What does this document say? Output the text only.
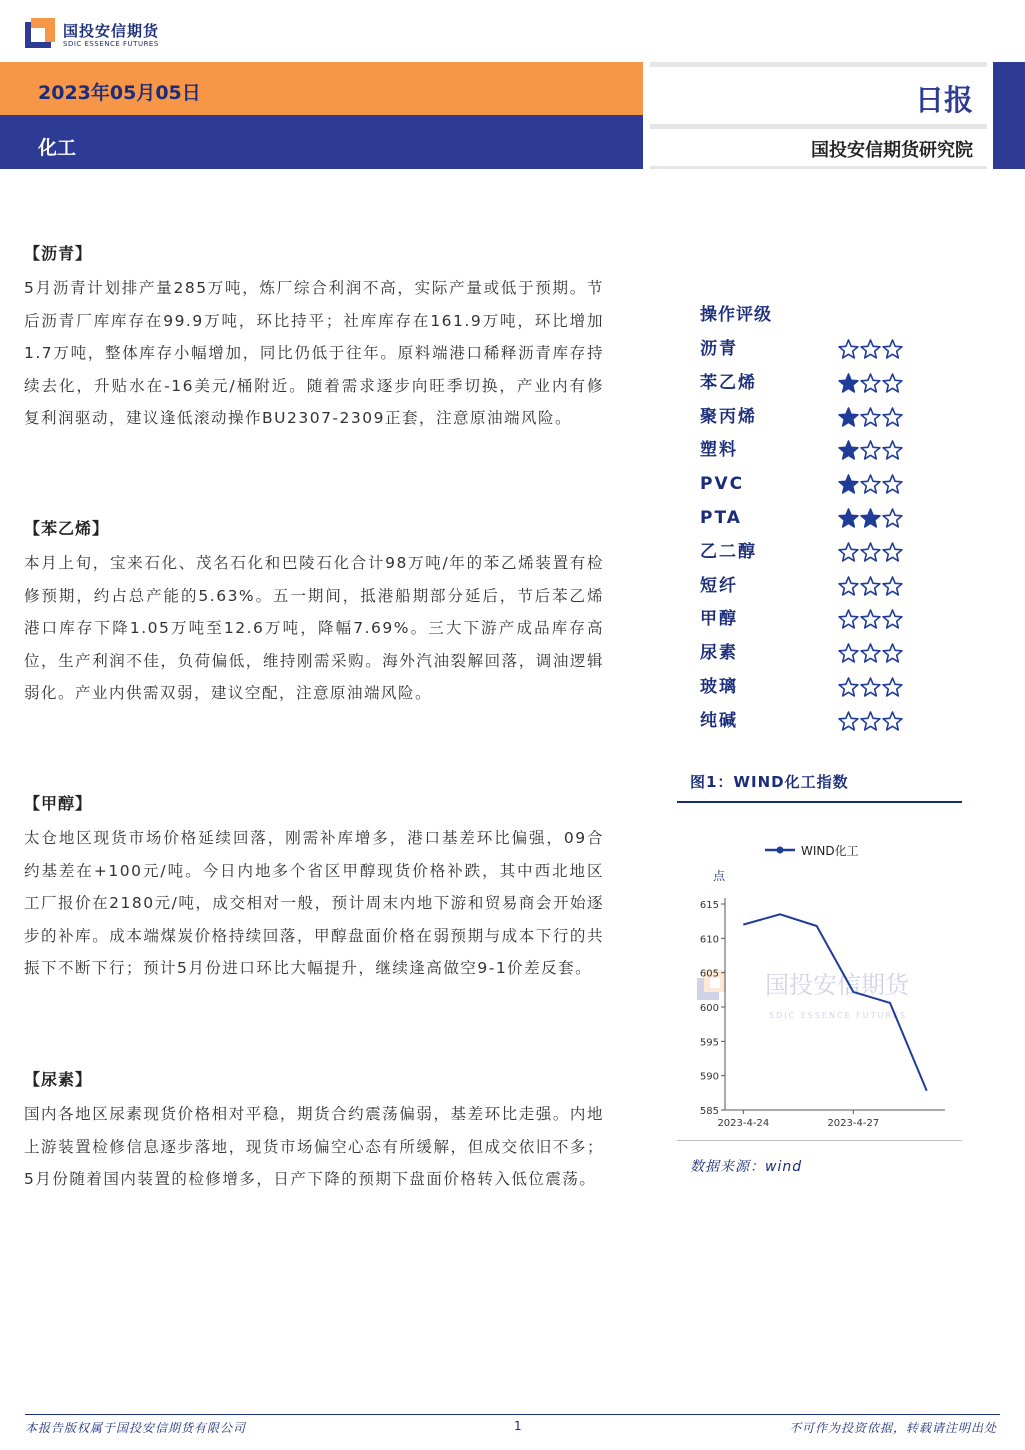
国投安信期货
SDIC ESSENCE FUTURES
2023年05月05日
化工
日报
国投安信期货研究院
【沥青】
5月沥青计划排产量285万吨，炼厂综合利润不高，实际产量或低于预期。节后沥青厂库库存在99.9万吨，环比持平；社库库存在161.9万吨，环比增加1.7万吨，整体库存小幅增加，同比仍低于往年。原料端港口稀释沥青库存持续去化，升贴水在-16美元/桶附近。随着需求逐步向旺季切换，产业内有修复利润驱动，建议逢低滚动操作BU2307-2309正套，注意原油端风险。
【苯乙烯】
本月上旬，宝来石化、茂名石化和巴陵石化合计98万吨/年的苯乙烯装置有检修预期，约占总产能的5.63%。五一期间，抵港船期部分延后，节后苯乙烯港口库存下降1.05万吨至12.6万吨，降幅7.69%。三大下游产成品库存高位，生产利润不佳，负荷偏低，维持刚需采购。海外汽油裂解回落，调油逻辑弱化。产业内供需双弱，建议空配，注意原油端风险。
【甲醇】
太仓地区现货市场价格延续回落，刚需补库增多，港口基差环比偏强，09合约基差在+100元/吨。今日内地多个省区甲醇现货价格补跌，其中西北地区工厂报价在2180元/吨，成交相对一般，预计周末内地下游和贸易商会开始逐步的补库。成本端煤炭价格持续回落，甲醇盘面价格在弱预期与成本下行的共振下不断下行；预计5月份进口环比大幅提升，继续逢高做空9-1价差反套。
【尿素】
国内各地区尿素现货价格相对平稳，期货合约震荡偏弱，基差环比走强。内地上游装置检修信息逐步落地，现货市场偏空心态有所缓解，但成交依旧不多；5月份随着国内装置的检修增多，日产下降的预期下盘面价格转入低位震荡。
操作评级
沥青
苯乙烯
聚丙烯
塑料
PVC
PTA
乙二醇
短纤
甲醇
尿素
玻璃
纯碱
图1：WIND化工指数
国投安信期货
SDIC ESSENCE FUTURES
WIND化工
点
585
590
595
600
605
610
615
2023-4-24	2023-4-27
数据来源：wind
本报告版权属于国投安信期货有限公司	1	不可作为投资依据，转载请注明出处
